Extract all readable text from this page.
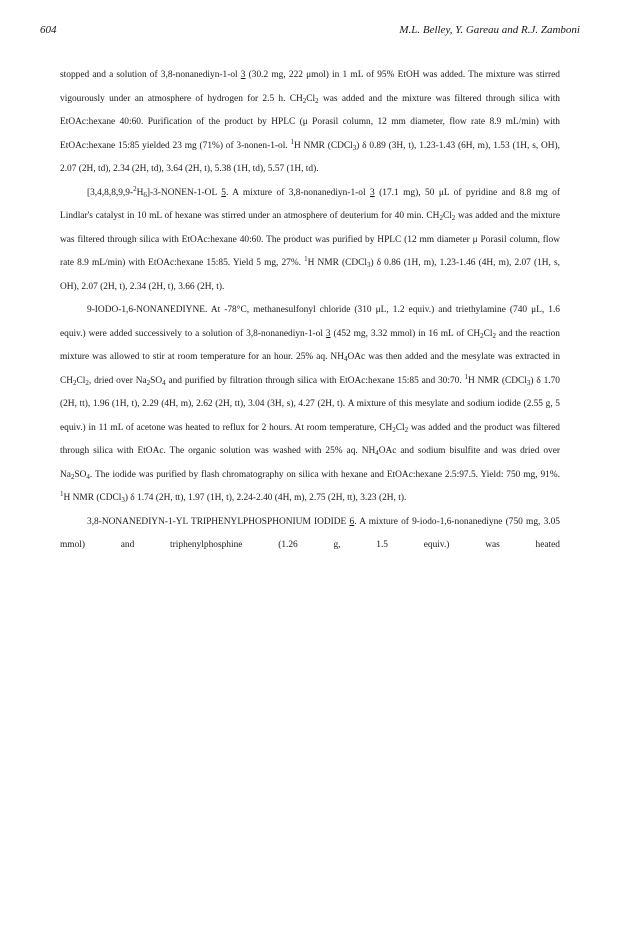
604	M.L. Belley, Y. Gareau and R.J. Zamboni

stopped and a solution of 3,8-nonanediyn-1-ol 3 (30.2 mg, 222 μmol) in 1 mL of 95% EtOH was added. The mixture was stirred vigourously under an atmosphere of hydrogen for 2.5 h. $CH_2Cl_2$ was added and the mixture was filtered through silica with EtOAc:hexane 40:60. Purification of the product by HPLC (μ Porasil column, 12 mm diameter, flow rate 8.9 mL/min) with EtOAc:hexane 15:85 yielded 23 mg (71%) of 3-nonen-1-ol. $^1$H NMR (CDCl$_3$) δ 0.89 (3H, t), 1.23-1.43 (6H, m), 1.53 (1H, s, OH), 2.07 (2H, td), 2.34 (2H, td), 3.64 (2H, t), 5.38 (1H, td), 5.57 (1H, td).

$[3,4,8,8,9,9-^2H_6]-3-NONEN-1-OL$ 5. A mixture of 3,8-nonanediyn-1-ol 3 (17.1 mg), 50 μL of pyridine and 8.8 mg of Lindlar's catalyst in 10 mL of hexane was stirred under an atmosphere of deuterium for 40 min. $CH_2Cl_2$ was added and the mixture was filtered through silica with EtOAc:hexane 40:60. The product was purified by HPLC (12 mm diameter μ Porasil column, flow rate 8.9 mL/min) with EtOAc:hexane 15:85. Yield 5 mg, 27%. $^1$H NMR (CDCl$_3$) δ 0.86 (1H, m), 1.23-1.46 (4H, m), 2.07 (1H, s, OH), 2.07 (2H, t), 2.34 (2H, t), 3.66 (2H, t).

9-IODO-1,6-NONANEDIYNE. At -78°C, methanesulfonyl chloride (310 μL, 1.2 equiv.) and triethylamine (740 μL, 1.6 equiv.) were added successively to a solution of 3,8-nonanediyn-1-ol 3 (452 mg, 3.32 mmol) in 16 mL of $CH_2Cl_2$ and the reaction mixture was allowed to stir at room temperature for an hour. 25% aq. $NH_4OAc$ was then added and the mesylate was extracted in $CH_2Cl_2$, dried over $Na_2SO_4$ and purified by filtration through silica with EtOAc:hexane 15:85 and 30:70. $^1$H NMR (CDCl$_3$) δ 1.70 (2H, tt), 1.96 (1H, t), 2.29 (4H, m), 2.62 (2H, tt), 3.04 (3H, s), 4.27 (2H, t). A mixture of this mesylate and sodium iodide (2.55 g, 5 equiv.) in 11 mL of acetone was heated to reflux for 2 hours. At room temperature, $CH_2Cl_2$ was added and the product was filtered through silica with EtOAc. The organic solution was washed with 25% aq. $NH_4OAc$ and sodium bisulfite and was dried over $Na_2SO_4$. The iodide was purified by flash chromatography on silica with hexane and EtOAc:hexane 2.5:97.5. Yield: 750 mg, 91%. $^1$H NMR (CDCl$_3$) δ 1.74 (2H, tt), 1.97 (1H, t), 2.24-2.40 (4H, m), 2.75 (2H, tt), 3.23 (2H, t).

3,8-NONANEDIYN-1-YL TRIPHENYLPHOSPHONIUM IODIDE 6. A mixture of 9-iodo-1,6-nonanediyne (750 mg, 3.05 mmol) and triphenylphosphine (1.26 g, 1.5 equiv.) was heated
